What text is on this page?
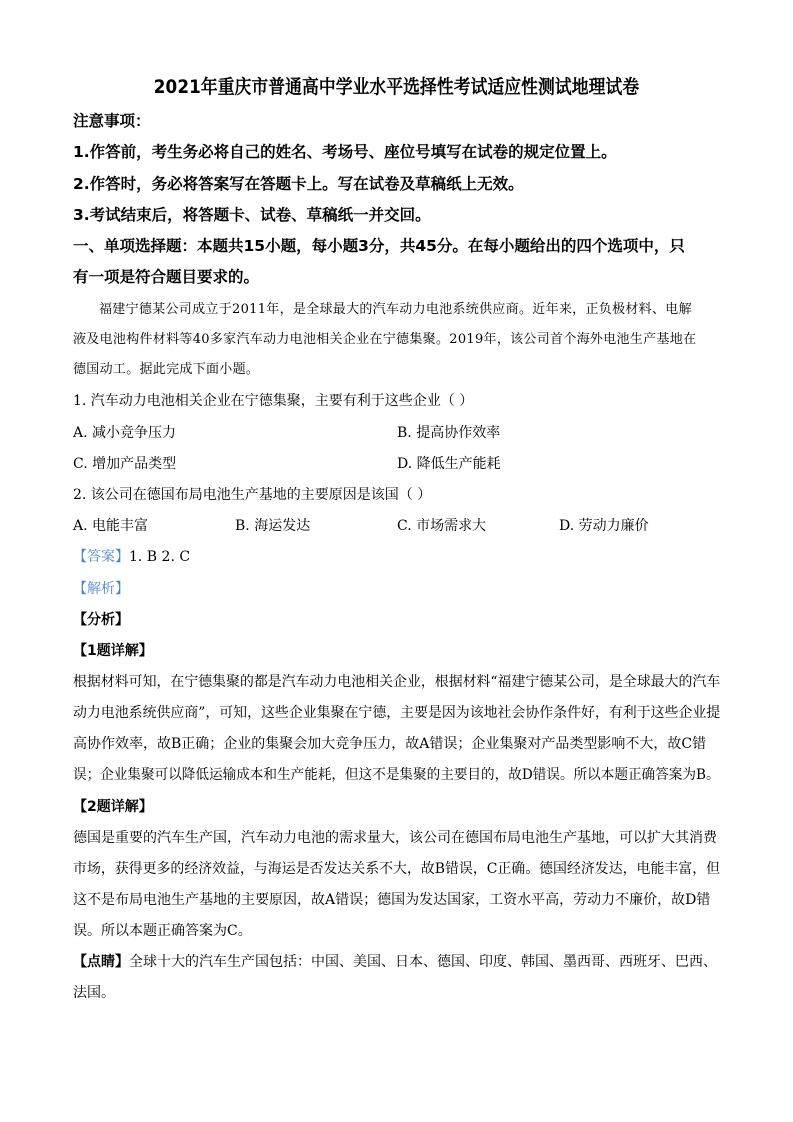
2021年重庆市普通高中学业水平选择性考试适应性测试地理试卷
注意事项：
1.作答前，考生务必将自己的姓名、考场号、座位号填写在试卷的规定位置上。
2.作答时，务必将答案写在答题卡上。写在试卷及草稿纸上无效。
3.考试结束后，将答题卡、试卷、草稿纸一并交回。
一、单项选择题：本题共15小题，每小题3分，共45分。在每小题给出的四个选项中，只
有一项是符合题目要求的。
福建宁德某公司成立于2011年，是全球最大的汽车动力电池系统供应商。近年来，正负极材料、电解
液及电池构件材料等40多家汽车动力电池相关企业在宁德集聚。2019年，该公司首个海外电池生产基地在
德国动工。据此完成下面小题。
1. 汽车动力电池相关企业在宁德集聚，主要有利于这些企业（ ）
A. 减小竞争压力	B. 提高协作效率
C. 增加产品类型	D. 降低生产能耗
2. 该公司在德国布局电池生产基地的主要原因是该国（ ）
A. 电能丰富	B. 海运发达	C. 市场需求大	D. 劳动力廉价
【答案】1. B 2. C
【解析】
【分析】
【1题详解】
根据材料可知，在宁德集聚的都是汽车动力电池相关企业，根据材料“福建宁德某公司，是全球最大的汽车
动力电池系统供应商”，可知，这些企业集聚在宁德，主要是因为该地社会协作条件好，有利于这些企业提
高协作效率，故B正确；企业的集聚会加大竞争压力，故A错误；企业集聚对产品类型影响不大，故C错
误；企业集聚可以降低运输成本和生产能耗，但这不是集聚的主要目的，故D错误。所以本题正确答案为B。
【2题详解】
德国是重要的汽车生产国，汽车动力电池的需求量大，该公司在德国布局电池生产基地，可以扩大其消费
市场，获得更多的经济效益，与海运是否发达关系不大，故B错误，C正确。德国经济发达，电能丰富，但
这不是布局电池生产基地的主要原因，故A错误；德国为发达国家，工资水平高，劳动力不廉价，故D错
误。所以本题正确答案为C。
【点睛】全球十大的汽车生产国包括：中国、美国、日本、德国、印度、韩国、墨西哥、西班牙、巴西、
法国。
